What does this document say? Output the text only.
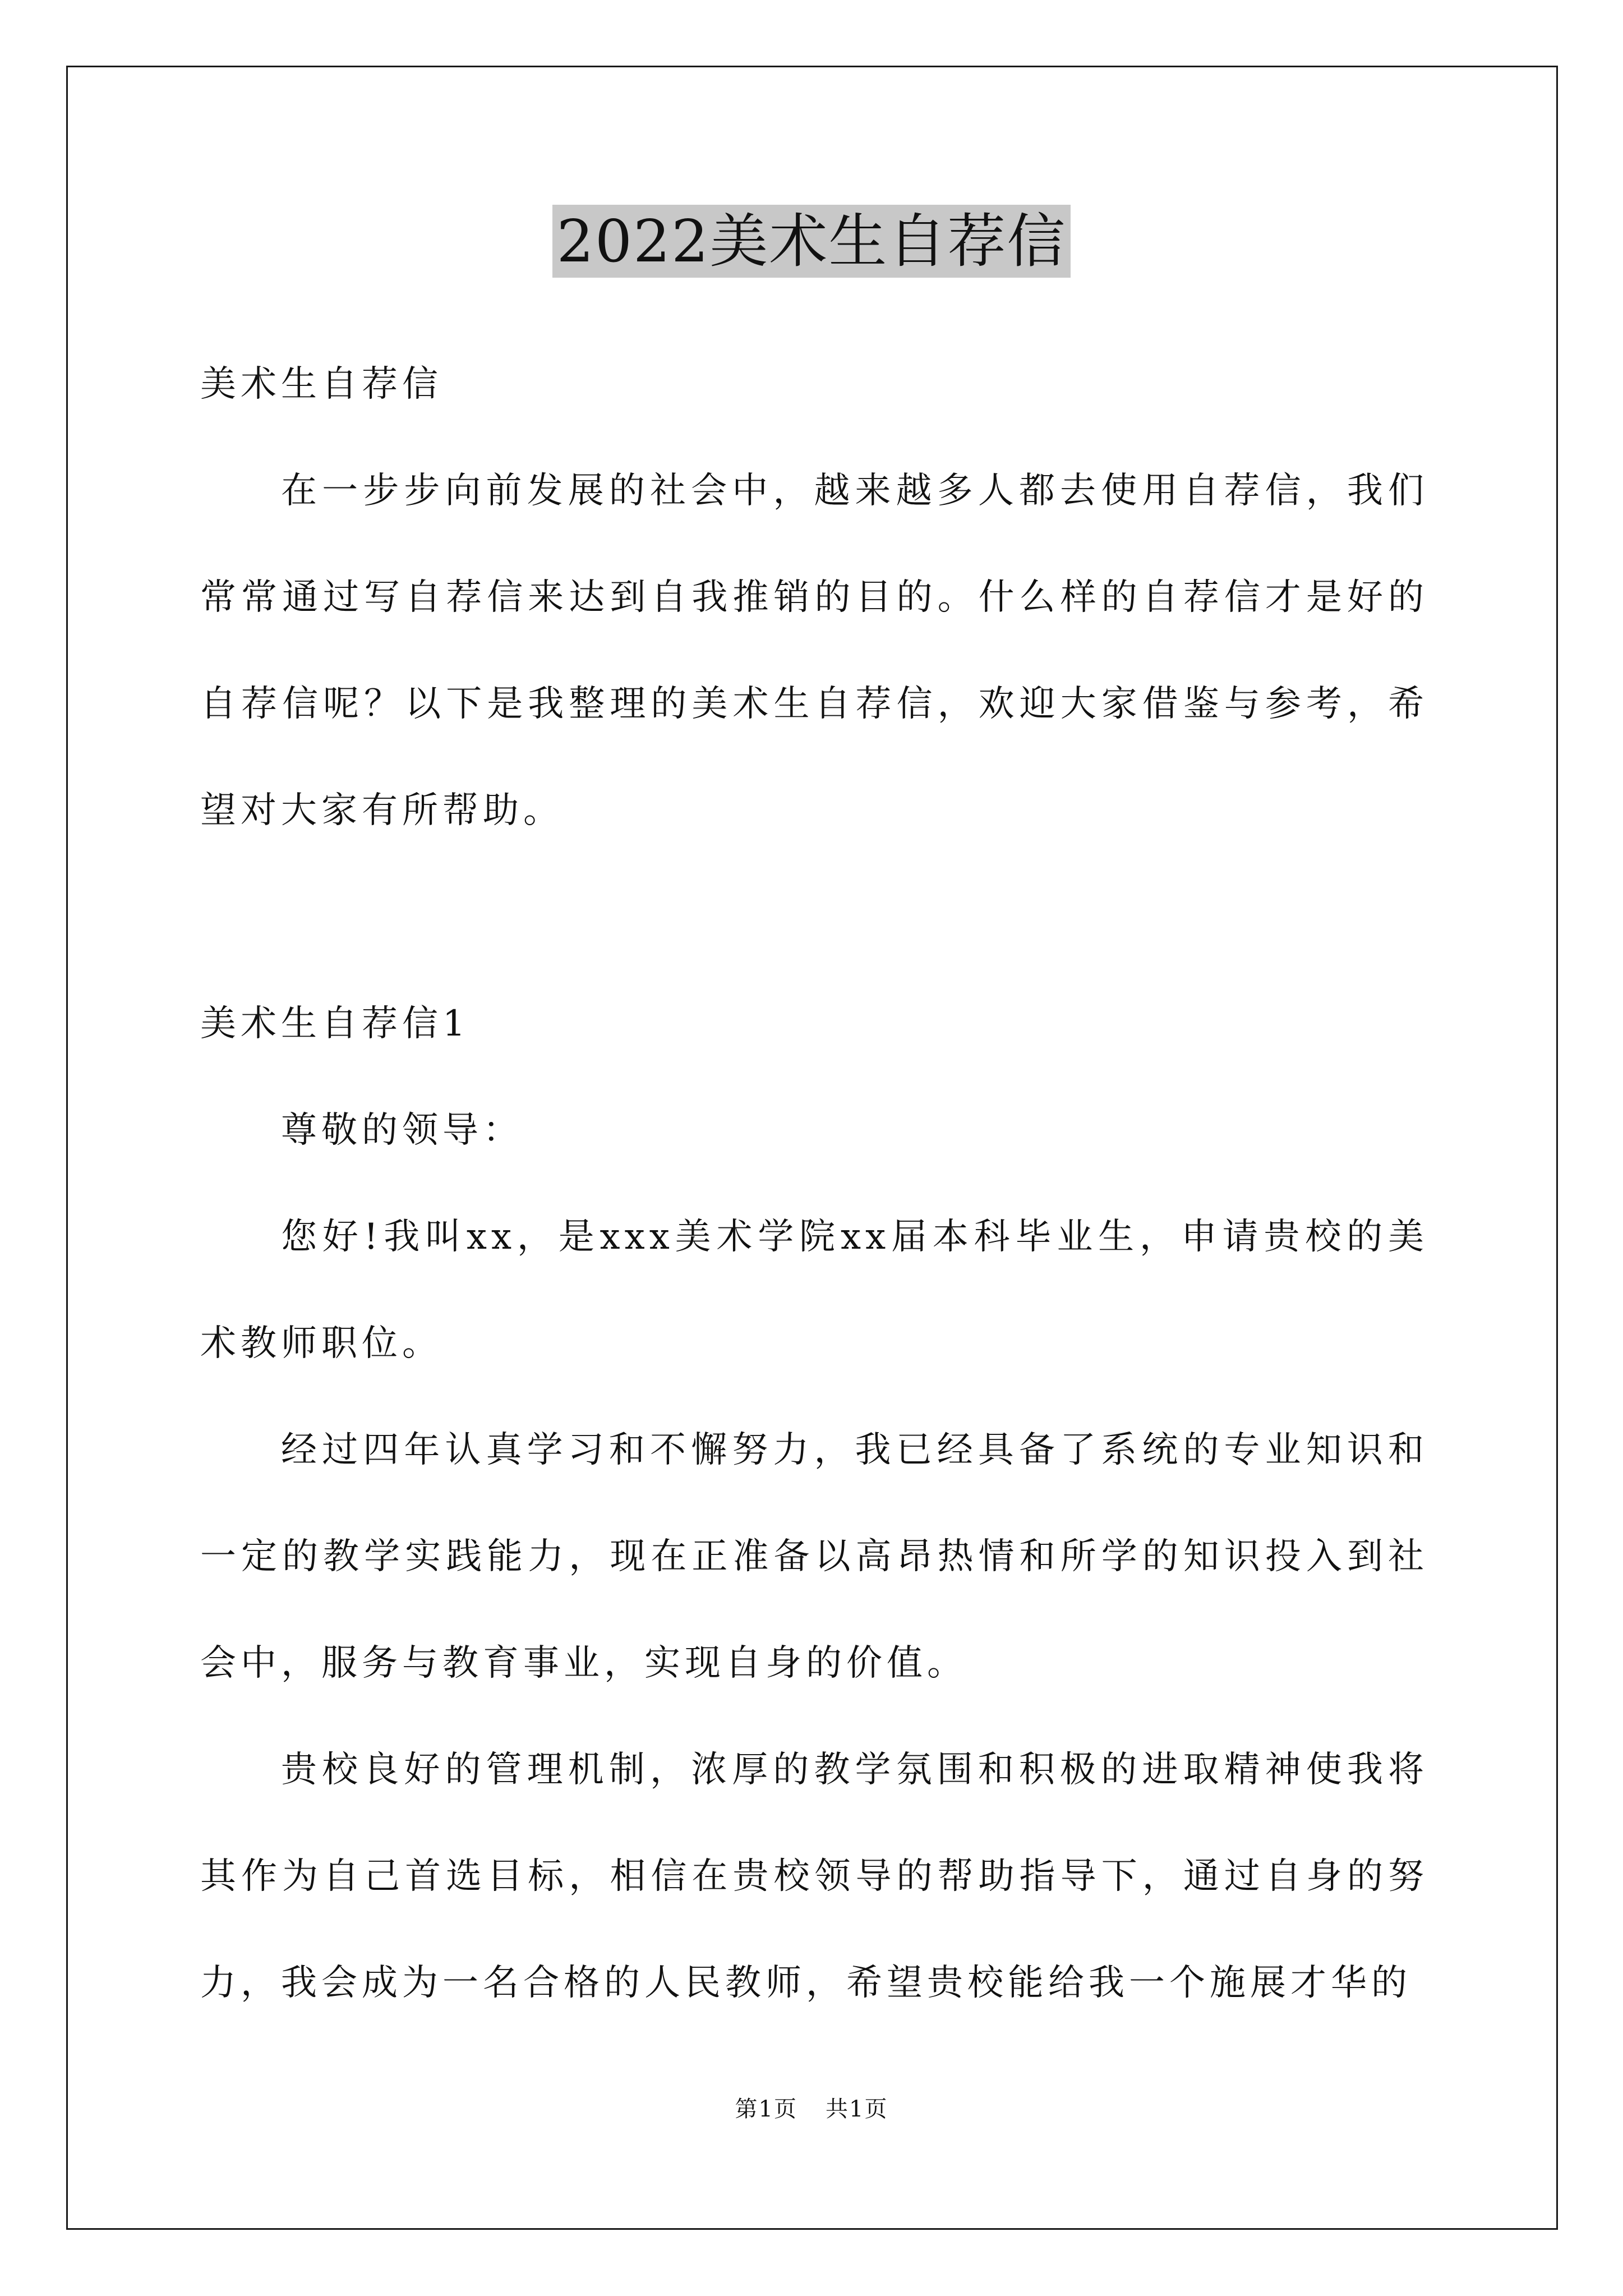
2022美术生自荐信

美术生自荐信

在一步步向前发展的社会中，越来越多人都去使用自荐信，我们常常通过写自荐信来达到自我推销的目的。什么样的自荐信才是好的自荐信呢？以下是我整理的美术生自荐信，欢迎大家借鉴与参考，希望对大家有所帮助。

美术生自荐信1

尊敬的领导：

您好!我叫xx，是xxx美术学院xx届本科毕业生，申请贵校的美术教师职位。

经过四年认真学习和不懈努力，我已经具备了系统的专业知识和一定的教学实践能力，现在正准备以高昂热情和所学的知识投入到社会中，服务与教育事业，实现自身的价值。

贵校良好的管理机制，浓厚的教学氛围和积极的进取精神使我将其作为自己首选目标，相信在贵校领导的帮助指导下，通过自身的努力，我会成为一名合格的人民教师，希望贵校能给我一个施展才华的

第1页 共1页
